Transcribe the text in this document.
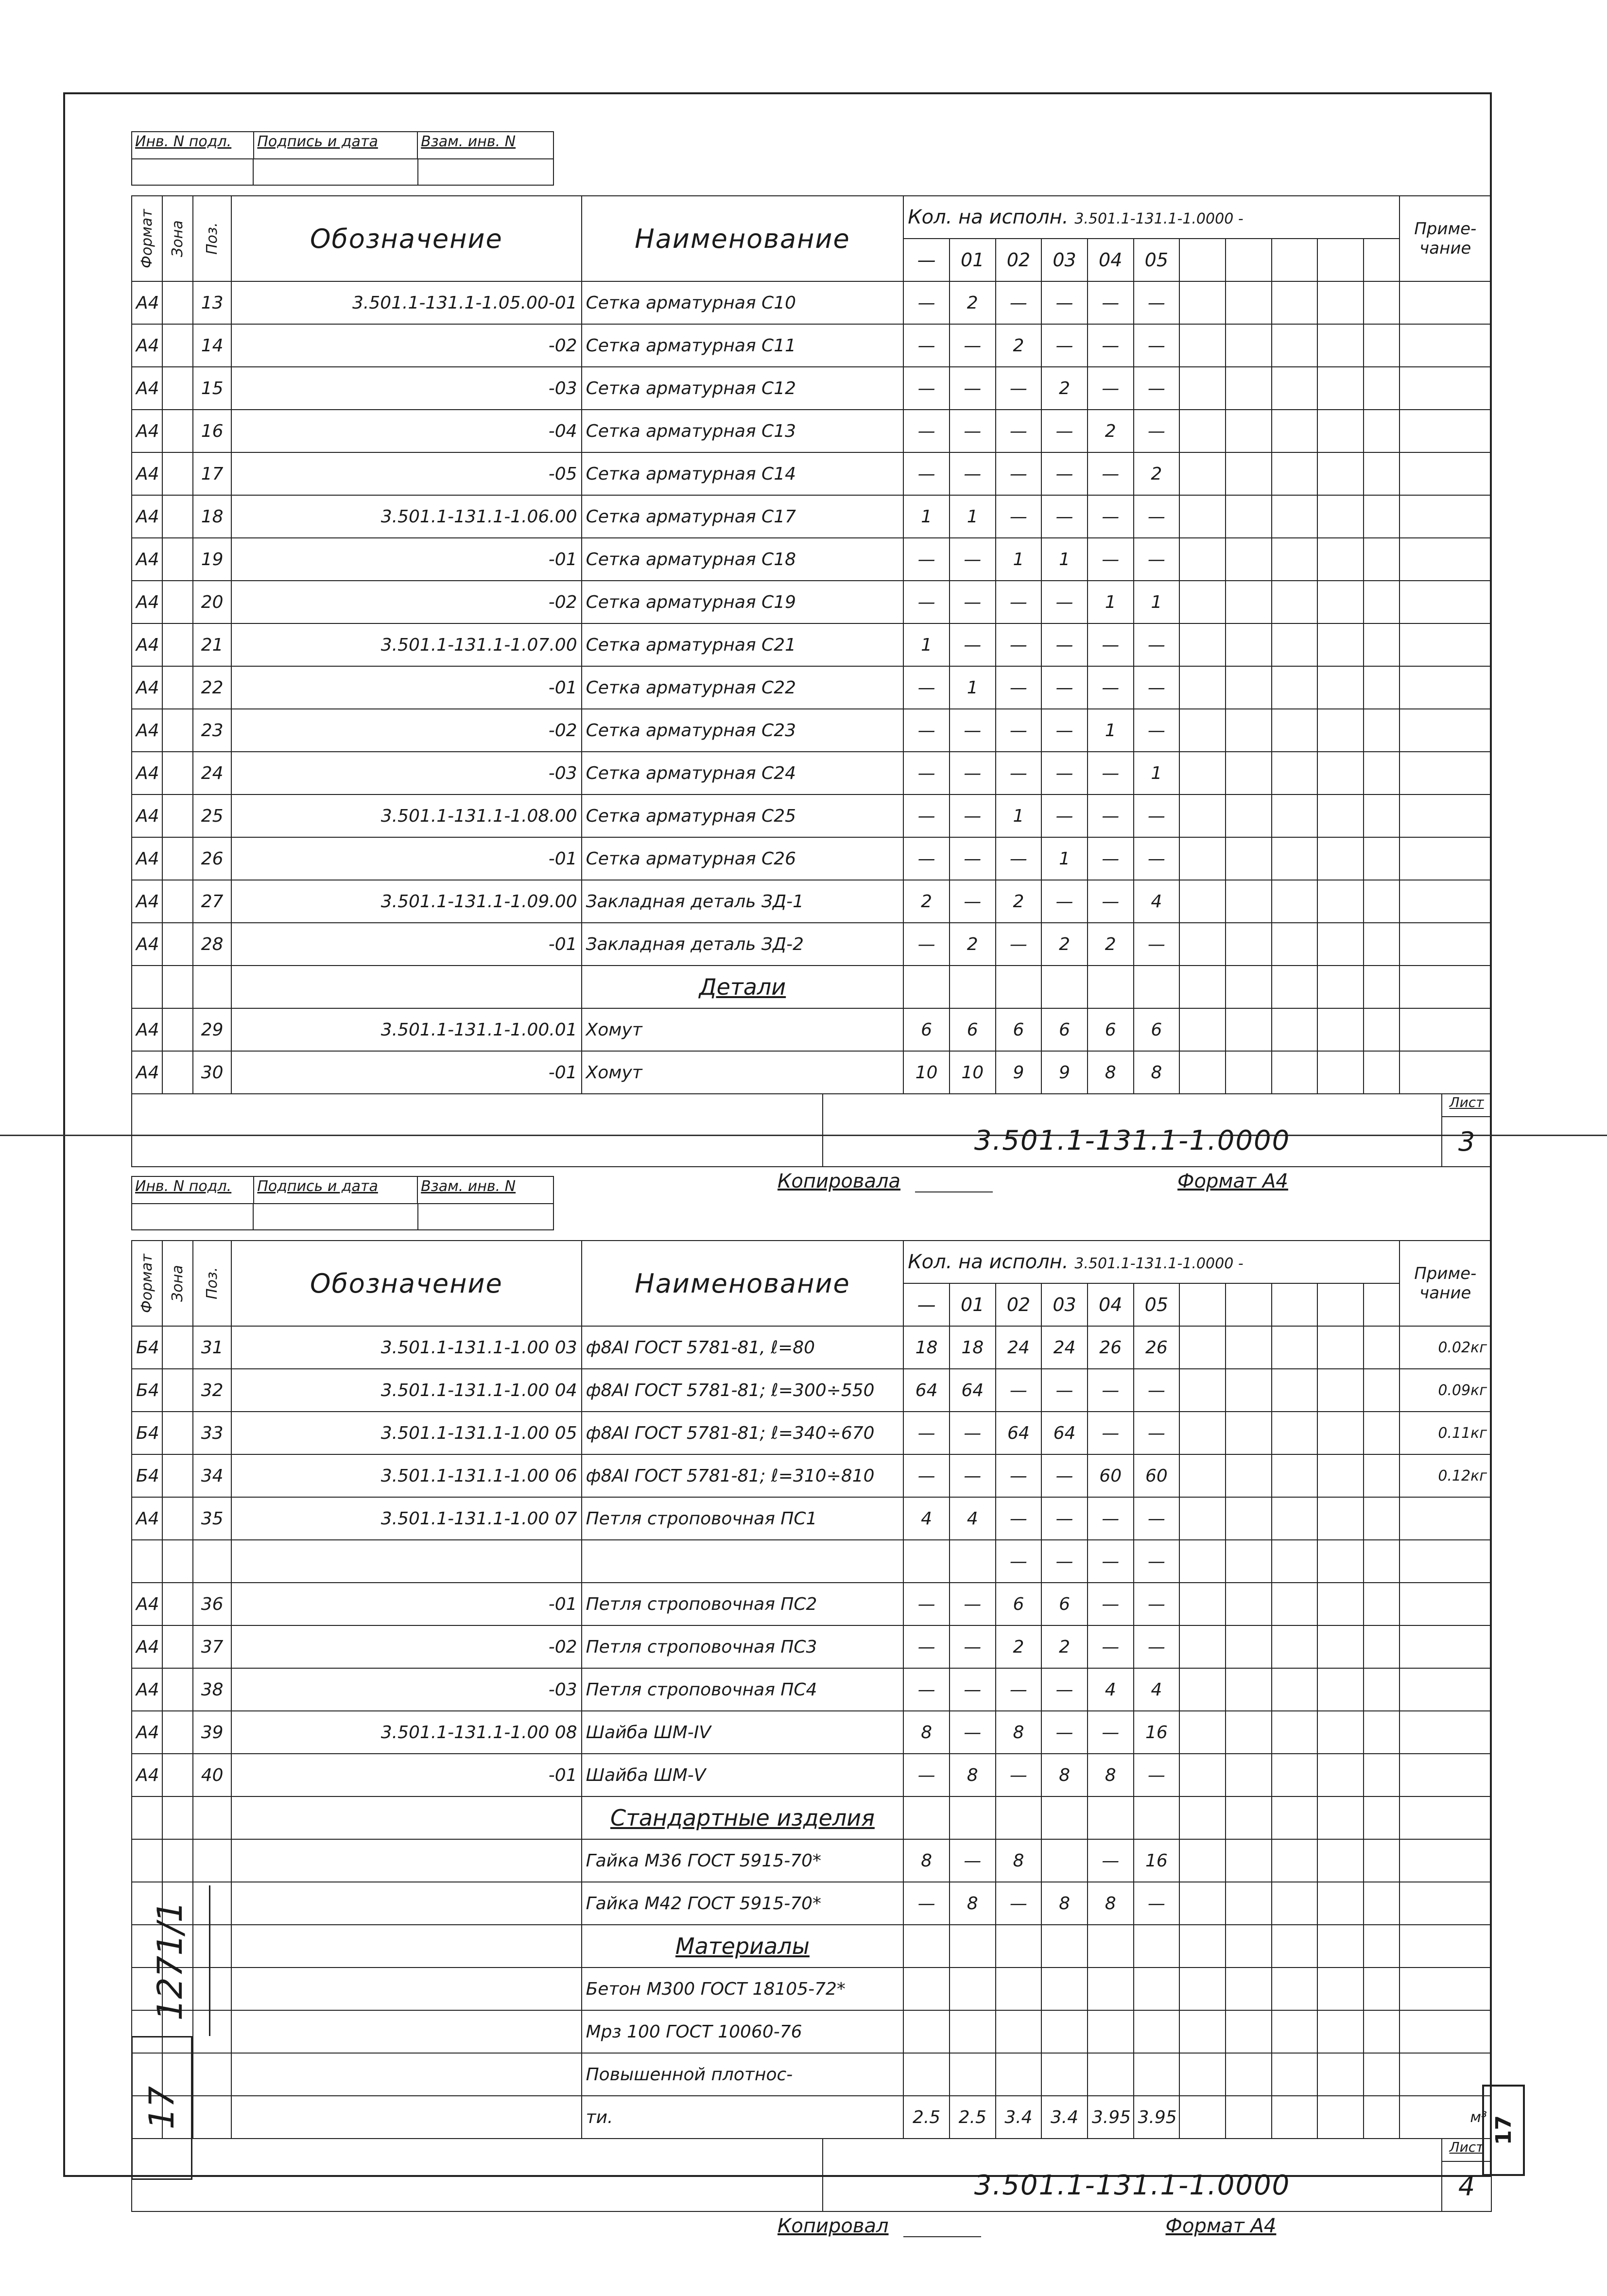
Инв. N подл.	Подпись и дата	Взам. инв. N
Формат	Зона	Поз.	Обозначение	Наименование	Кол. на исполн. 3.501.1-131.1-1.0000 -											Приме- чание
					—	01	02	03	04	05						
А4		13	3.501.1-131.1-1.05.00-01	Сетка арматурная С10	—	2	—	—	—	—						
А4		14	-02	Сетка арматурная С11	—	—	2	—	—	—						
А4		15	-03	Сетка арматурная С12	—	—	—	2	—	—						
А4		16	-04	Сетка арматурная С13	—	—	—	—	2	—						
А4		17	-05	Сетка арматурная С14	—	—	—	—	—	2						
А4		18	3.501.1-131.1-1.06.00	Сетка арматурная С17	1	1	—	—	—	—						
А4		19	-01	Сетка арматурная С18	—	—	1	1	—	—						
А4		20	-02	Сетка арматурная С19	—	—	—	—	1	1						
А4		21	3.501.1-131.1-1.07.00	Сетка арматурная С21	1	—	—	—	—	—						
А4		22	-01	Сетка арматурная С22	—	1	—	—	—	—						
А4		23	-02	Сетка арматурная С23	—	—	—	—	1	—						
А4		24	-03	Сетка арматурная С24	—	—	—	—	—	1						
А4		25	3.501.1-131.1-1.08.00	Сетка арматурная С25	—	—	1	—	—	—						
А4		26	-01	Сетка арматурная С26	—	—	—	1	—	—						
А4		27	3.501.1-131.1-1.09.00	Закладная деталь ЗД-1	2	—	2	—	—	4						
А4		28	-01	Закладная деталь ЗД-2	—	2	—	2	2	—						
				Детали												
А4		29	3.501.1-131.1-1.00.01	Хомут	6	6	6	6	6	6						
А4		30	-01	Хомут	10	10	9	9	8	8						
3.501.1-131.1-1.0000
Лист
3
Копировала	Формат А4
Инв. N подл.	Подпись и дата	Взам. инв. N
Формат	Зона	Поз.	Обозначение	Наименование	Кол. на исполн. 3.501.1-131.1-1.0000 -											Приме- чание
					—	01	02	03	04	05						
Б4		31	3.501.1-131.1-1.00 03	ф8АI ГОСТ 5781-81, ℓ=80	18	18	24	24	26	26						0.02кг
Б4		32	3.501.1-131.1-1.00 04	ф8АI ГОСТ 5781-81; ℓ=300÷550	64	64	—	—	—	—						0.09кг
Б4		33	3.501.1-131.1-1.00 05	ф8АI ГОСТ 5781-81; ℓ=340÷670	—	—	64	64	—	—						0.11кг
Б4		34	3.501.1-131.1-1.00 06	ф8АI ГОСТ 5781-81; ℓ=310÷810	—	—	—	—	60	60						0.12кг
А4		35	3.501.1-131.1-1.00 07	Петля строповочная ПС1	4	4	—	—	—	—						
							—	—	—	—						
А4		36	-01	Петля строповочная ПС2	—	—	6	6	—	—						
А4		37	-02	Петля строповочная ПС3	—	—	2	2	—	—						
А4		38	-03	Петля строповочная ПС4	—	—	—	—	4	4						
А4		39	3.501.1-131.1-1.00 08	Шайба ШМ-IV	8	—	8	—	—	16						
А4		40	-01	Шайба ШМ-V	—	8	—	8	8	—						
				Стандартные изделия												
				Гайка М36 ГОСТ 5915-70*	8	—	8		—	16						
				Гайка М42 ГОСТ 5915-70*	—	8	—	8	8	—						
				Материалы												
				Бетон М300 ГОСТ 18105-72*												
				Мрз 100 ГОСТ 10060-76												
				Повышенной плотнос-												
				ти.	2.5	2.5	3.4	3.4	3.95	3.95						м³
3.501.1-131.1-1.0000
Лист
4
Копировал	Формат А4
1271/1
17
17
